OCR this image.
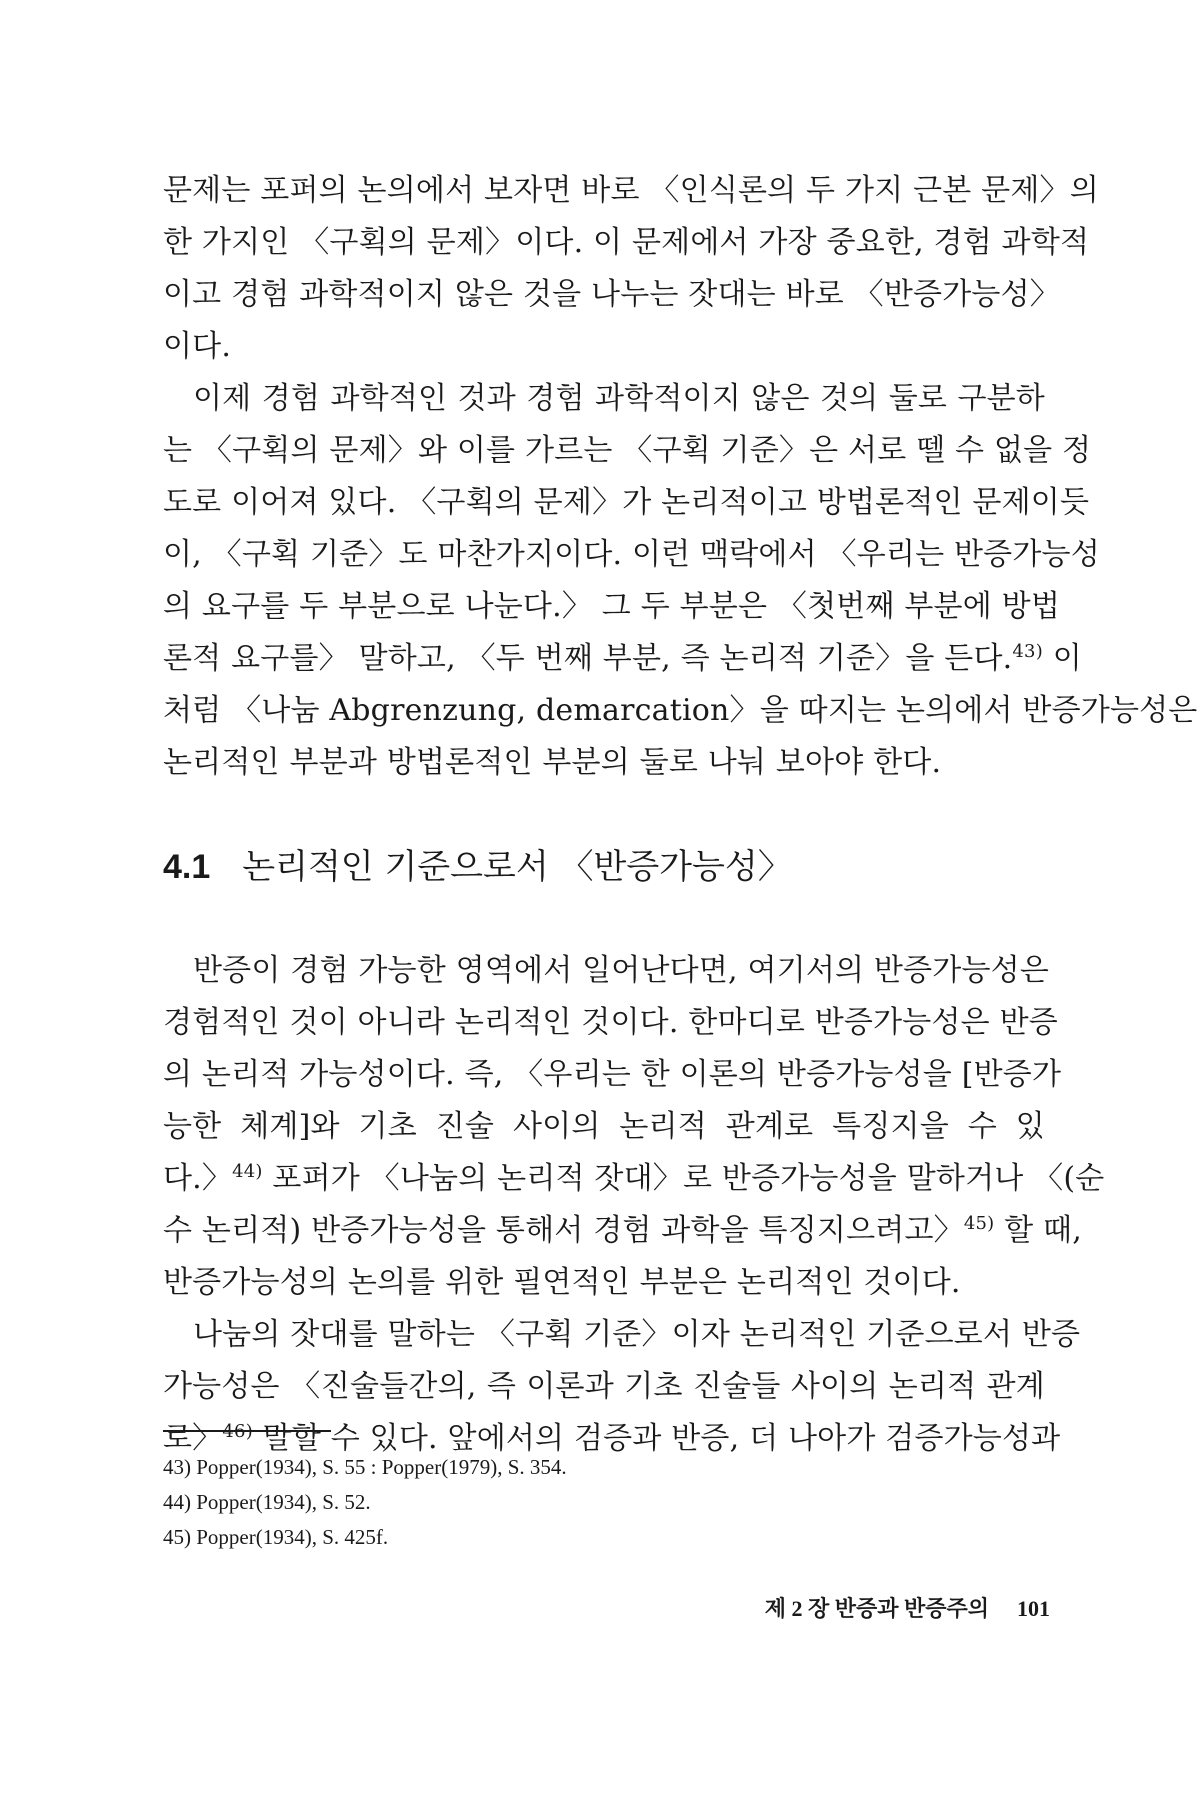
문제는 포퍼의 논의에서 보자면 바로 〈인식론의 두 가지 근본 문제〉의
한 가지인 〈구획의 문제〉이다. 이 문제에서 가장 중요한, 경험 과학적
이고 경험 과학적이지 않은 것을 나누는 잣대는 바로 〈반증가능성〉
이다.

이제 경험 과학적인 것과 경험 과학적이지 않은 것의 둘로 구분하
는 〈구획의 문제〉와 이를 가르는 〈구획 기준〉은 서로 뗄 수 없을 정
도로 이어져 있다. 〈구획의 문제〉가 논리적이고 방법론적인 문제이듯
이, 〈구획 기준〉도 마찬가지이다. 이런 맥락에서 〈우리는 반증가능성
의 요구를 두 부분으로 나눈다.〉 그 두 부분은 〈첫번째 부분에 방법
론적 요구를〉 말하고, 〈두 번째 부분, 즉 논리적 기준〉을 든다.$^{43)}$ 이
처럼 〈나눔 Abgrenzung, demarcation〉을 따지는 논의에서 반증가능성은
논리적인 부분과 방법론적인 부분의 둘로 나눠 보아야 한다.

4.1 논리적인 기준으로서 〈반증가능성〉

반증이 경험 가능한 영역에서 일어난다면, 여기서의 반증가능성은
경험적인 것이 아니라 논리적인 것이다. 한마디로 반증가능성은 반증
의 논리적 가능성이다. 즉, 〈우리는 한 이론의 반증가능성을 [반증가
능한 체계]와 기초 진술 사이의 논리적 관계로 특징지을 수 있
다.〉$^{44)}$ 포퍼가 〈나눔의 논리적 잣대〉로 반증가능성을 말하거나 〈(순
수 논리적) 반증가능성을 통해서 경험 과학을 특징지으려고〉$^{45)}$ 할 때,
반증가능성의 논의를 위한 필연적인 부분은 논리적인 것이다.

나눔의 잣대를 말하는 〈구획 기준〉이자 논리적인 기준으로서 반증
가능성은 〈진술들간의, 즉 이론과 기초 진술들 사이의 논리적 관계
로〉$^{46)}$ 말할 수 있다. 앞에서의 검증과 반증, 더 나아가 검증가능성과

43) Popper(1934), S. 55 : Popper(1979), S. 354.
44) Popper(1934), S. 52.
45) Popper(1934), S. 425f.
제 2 장 반증과 반증주의 101
